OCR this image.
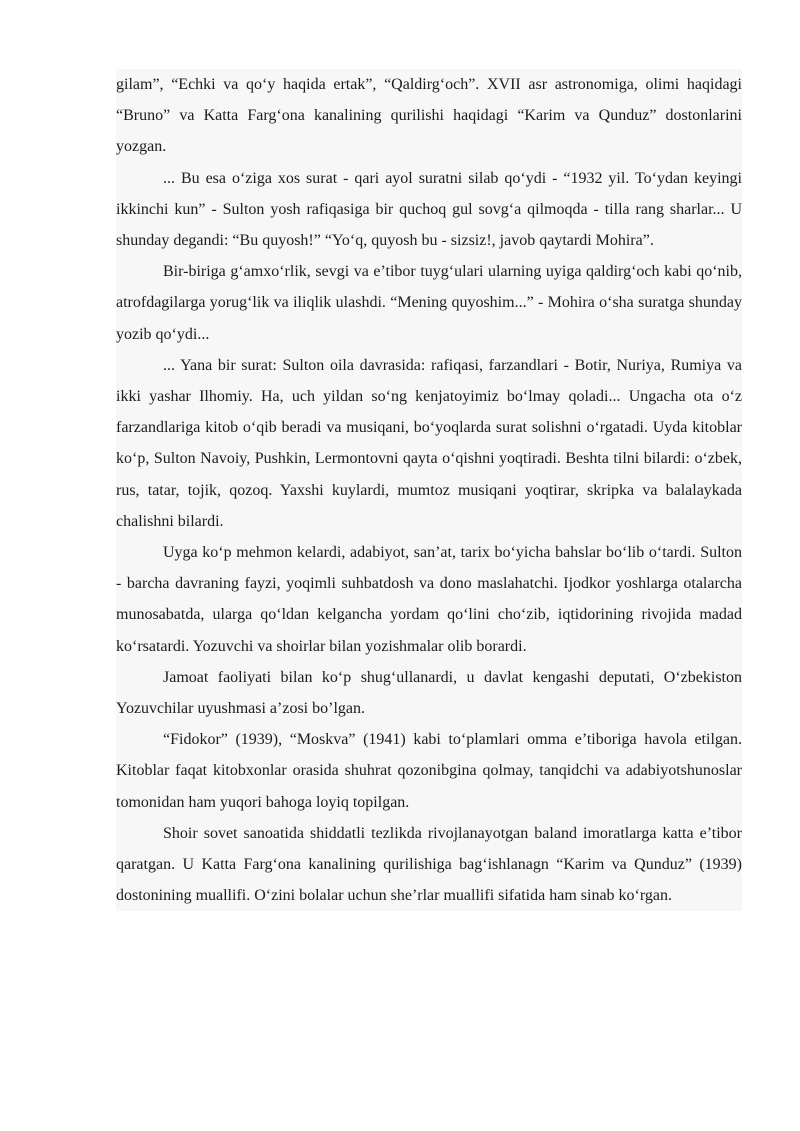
gilam”, “Echki va qo‘y haqida ertak”, “Qaldirg‘och”. XVII asr astronomiga, olimi haqidagi “Bruno” va Katta Farg‘ona kanalining qurilishi haqidagi “Karim va Qunduz” dostonlarini yozgan.

... Bu esa o‘ziga xos surat - qari ayol suratni silab qo‘ydi - “1932 yil. To‘ydan keyingi ikkinchi kun” - Sulton yosh rafiqasiga bir quchoq gul sovg‘a qilmoqda - tilla rang sharlar... U shunday degandi: “Bu quyosh!” “Yo‘q, quyosh bu - sizsiz!, javob qaytardi Mohira”.

Bir-biriga g‘amxo‘rlik, sevgi va e’tibor tuyg‘ulari ularning uyiga qaldirg‘och kabi qo‘nib, atrofdagilarga yorug‘lik va iliqlik ulashdi. “Mening quyoshim...” - Mohira o‘sha suratga shunday yozib qo‘ydi...

... Yana bir surat: Sulton oila davrasida: rafiqasi, farzandlari - Botir, Nuriya, Rumiya va ikki yashar Ilhomiy. Ha, uch yildan so‘ng kenjatoyimiz bo‘lmay qoladi... Ungacha ota o‘z farzandlariga kitob o‘qib beradi va musiqani, bo‘yoqlarda surat solishni o‘rgatadi. Uyda kitoblar ko‘p, Sulton Navoiy, Pushkin, Lermontovni qayta o‘qishni yoqtiradi. Beshta tilni bilardi: o‘zbek, rus, tatar, tojik, qozoq. Yaxshi kuylardi, mumtoz musiqani yoqtirar, skripka va balalaykada chalishni bilardi.

Uyga ko‘p mehmon kelardi, adabiyot, san’at, tarix bo‘yicha bahslar bo‘lib o‘tardi. Sulton - barcha davraning fayzi, yoqimli suhbatdosh va dono maslahatchi. Ijodkor yoshlarga otalarcha munosabatda, ularga qo‘ldan kelgancha yordam qo‘lini cho‘zib, iqtidorining rivojida madad ko‘rsatardi. Yozuvchi va shoirlar bilan yozishmalar olib borardi.

Jamoat faoliyati bilan ko‘p shug‘ullanardi, u davlat kengashi deputati, O‘zbekiston Yozuvchilar uyushmasi a’zosi bo’lgan.

“Fidokor” (1939), “Moskva” (1941) kabi to‘plamlari omma e’tiboriga havola etilgan. Kitoblar faqat kitobxonlar orasida shuhrat qozonibgina qolmay, tanqidchi va adabiyotshunoslar tomonidan ham yuqori bahoga loyiq topilgan.

Shoir sovet sanoatida shiddatli tezlikda rivojlanayotgan baland imoratlarga katta e’tibor qaratgan. U Katta Farg‘ona kanalining qurilishiga bag‘ishlanagn “Karim va Qunduz” (1939) dostonining muallifi. O‘zini bolalar uchun she’rlar muallifi sifatida ham sinab ko‘rgan.
